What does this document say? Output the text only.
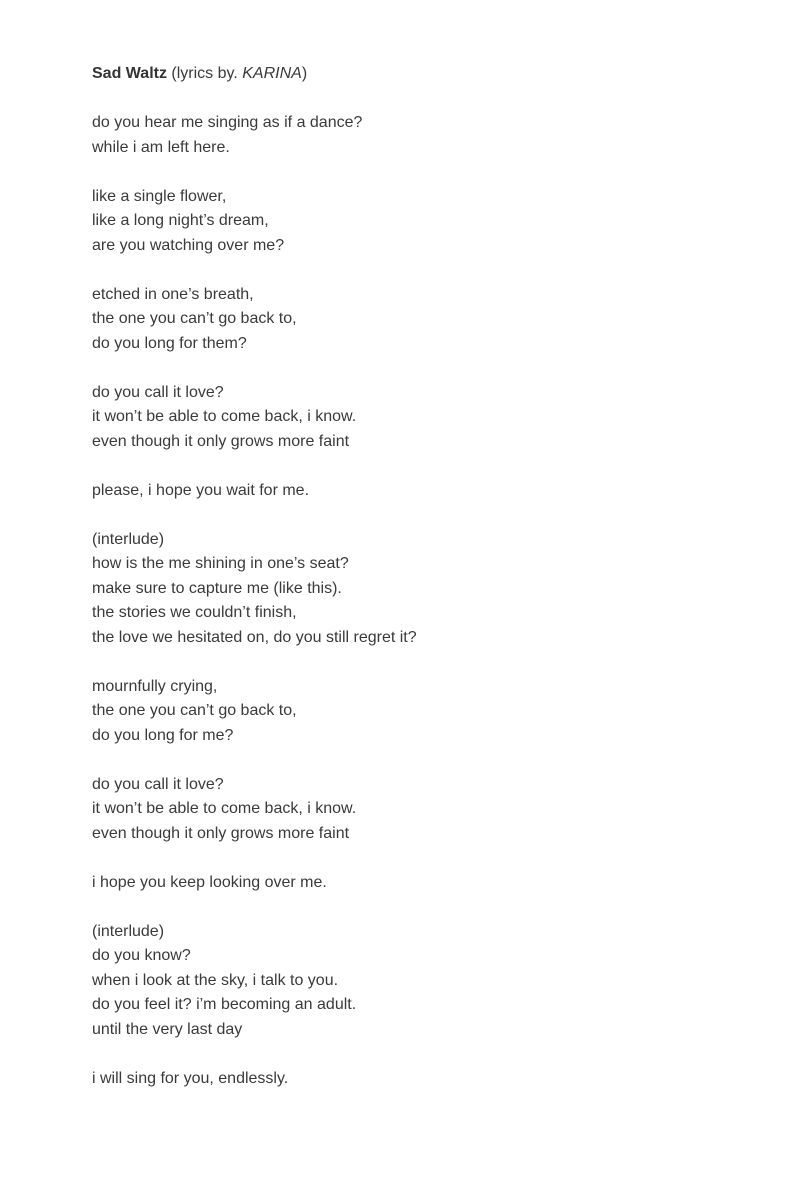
Sad Waltz (lyrics by. KARINA)

do you hear me singing as if a dance?
while i am left here.
like a single flower,
like a long night’s dream,
are you watching over me?
etched in one’s breath,
the one you can’t go back to,
do you long for them?
do you call it love?
it won’t be able to come back, i know.
even though it only grows more faint
please, i hope you wait for me.
(interlude)
how is the me shining in one’s seat?
make sure to capture me (like this).
the stories we couldn’t finish,
the love we hesitated on, do you still regret it?
mournfully crying,
the one you can’t go back to,
do you long for me?
do you call it love?
it won’t be able to come back, i know.
even though it only grows more faint
i hope you keep looking over me.
(interlude)
do you know?
when i look at the sky, i talk to you.
do you feel it? i’m becoming an adult.
until the very last day
i will sing for you, endlessly.
